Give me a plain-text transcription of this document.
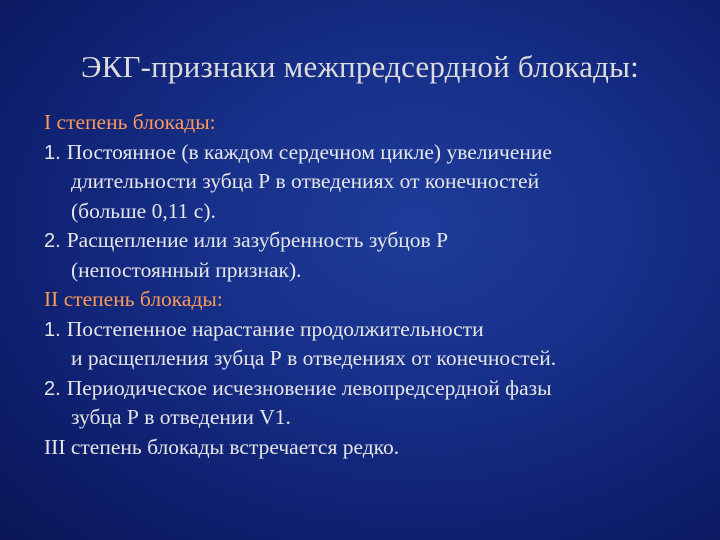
ЭКГ-признаки межпредсердной блокады:
I степень блокады:
1. Постоянное (в каждом сердечном цикле) увеличение
длительности зубца Р в отведениях от конечностей
(больше 0,11 с).
2. Расщепление или зазубренность зубцов Р
(непостоянный признак).
II степень блокады:
1. Постепенное нарастание продолжительности
и расщепления зубца Р в отведениях от конечностей.
2. Периодическое исчезновение левопредсердной фазы
зубца Р в отведении V1.
III степень блокады встречается редко.
